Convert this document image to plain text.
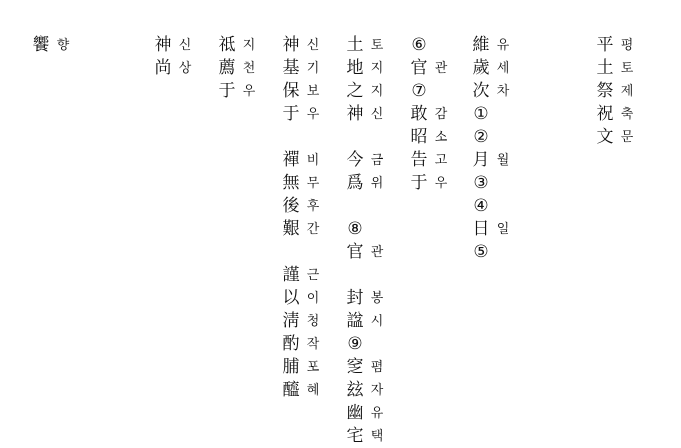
平
土
祭
祝
文
평
토
제
축
문
維
歲
次
①
②
月
③
④
日
⑤
유
세
차
월
일
⑥
官
⑦
敢
昭
告
于
관
감
소
고
우
土
地
之
神
今
爲
⑧
官
封
諡
⑨
窆
玆
幽
宅
토
지
지
신
금
위
관
봉
시
폄
자
유
택
神
基
保
于
禪
無
後
艱
謹
以
淸
酌
脯
醯
신
기
보
우
비
무
후
간
근
이
청
작
포
혜
祗
薦
于
지
천
우
神
尚
신
상
饗 향
